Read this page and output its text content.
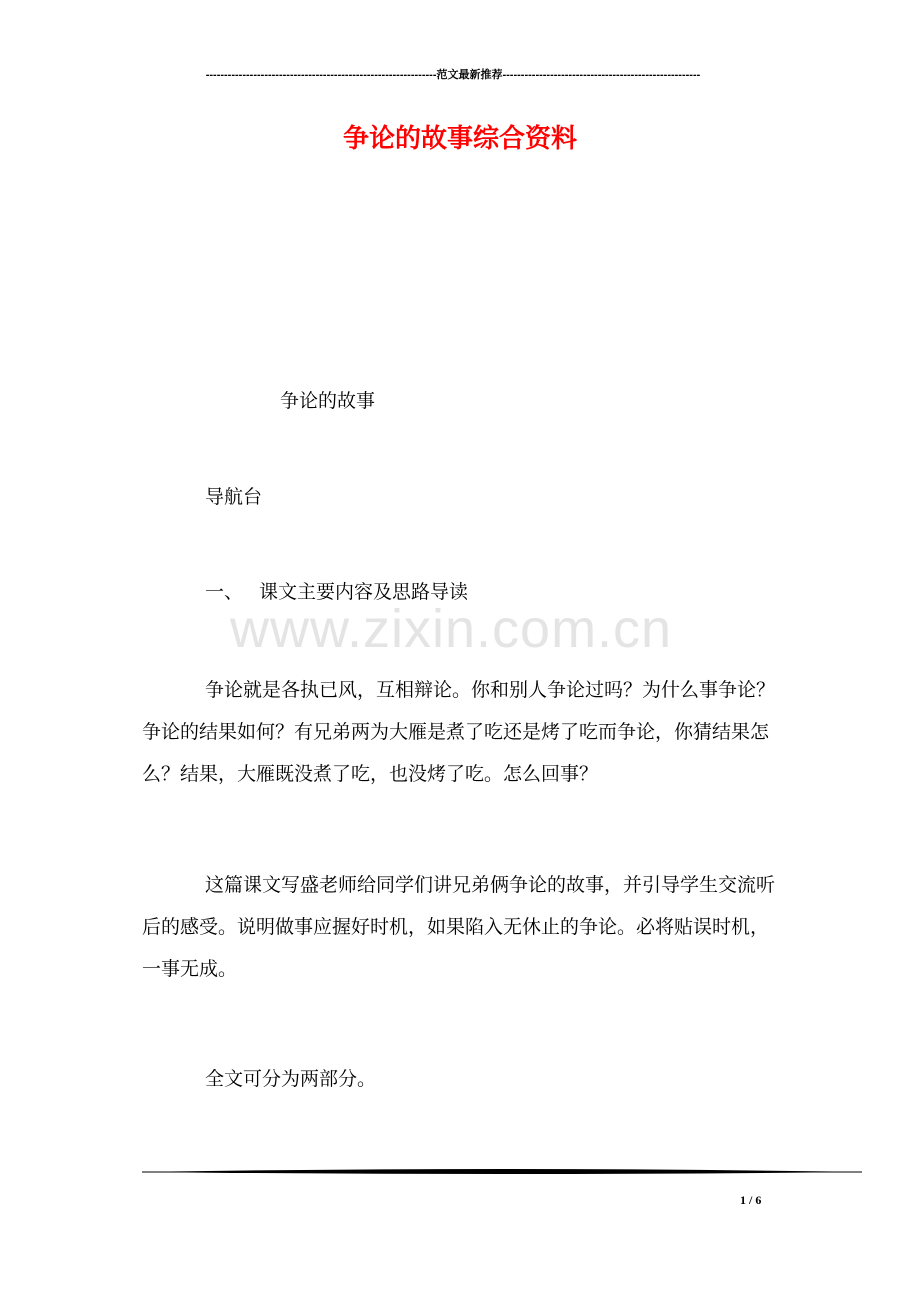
---------------------------------------------------------------范文最新推荐------------------------------------------------------
争论的故事综合资料
www.zixin.com.cn
争论的故事
导航台
一、 课文主要内容及思路导读
争论就是各执已风，互相辩论。你和别人争论过吗？为什么事争论？争论的结果如何？有兄弟两为大雁是煮了吃还是烤了吃而争论，你猜结果怎么？结果，大雁既没煮了吃，也没烤了吃。怎么回事？
这篇课文写盛老师给同学们讲兄弟俩争论的故事，并引导学生交流听后的感受。说明做事应握好时机，如果陷入无休止的争论。必将贴误时机，一事无成。
全文可分为两部分。
1 / 6
